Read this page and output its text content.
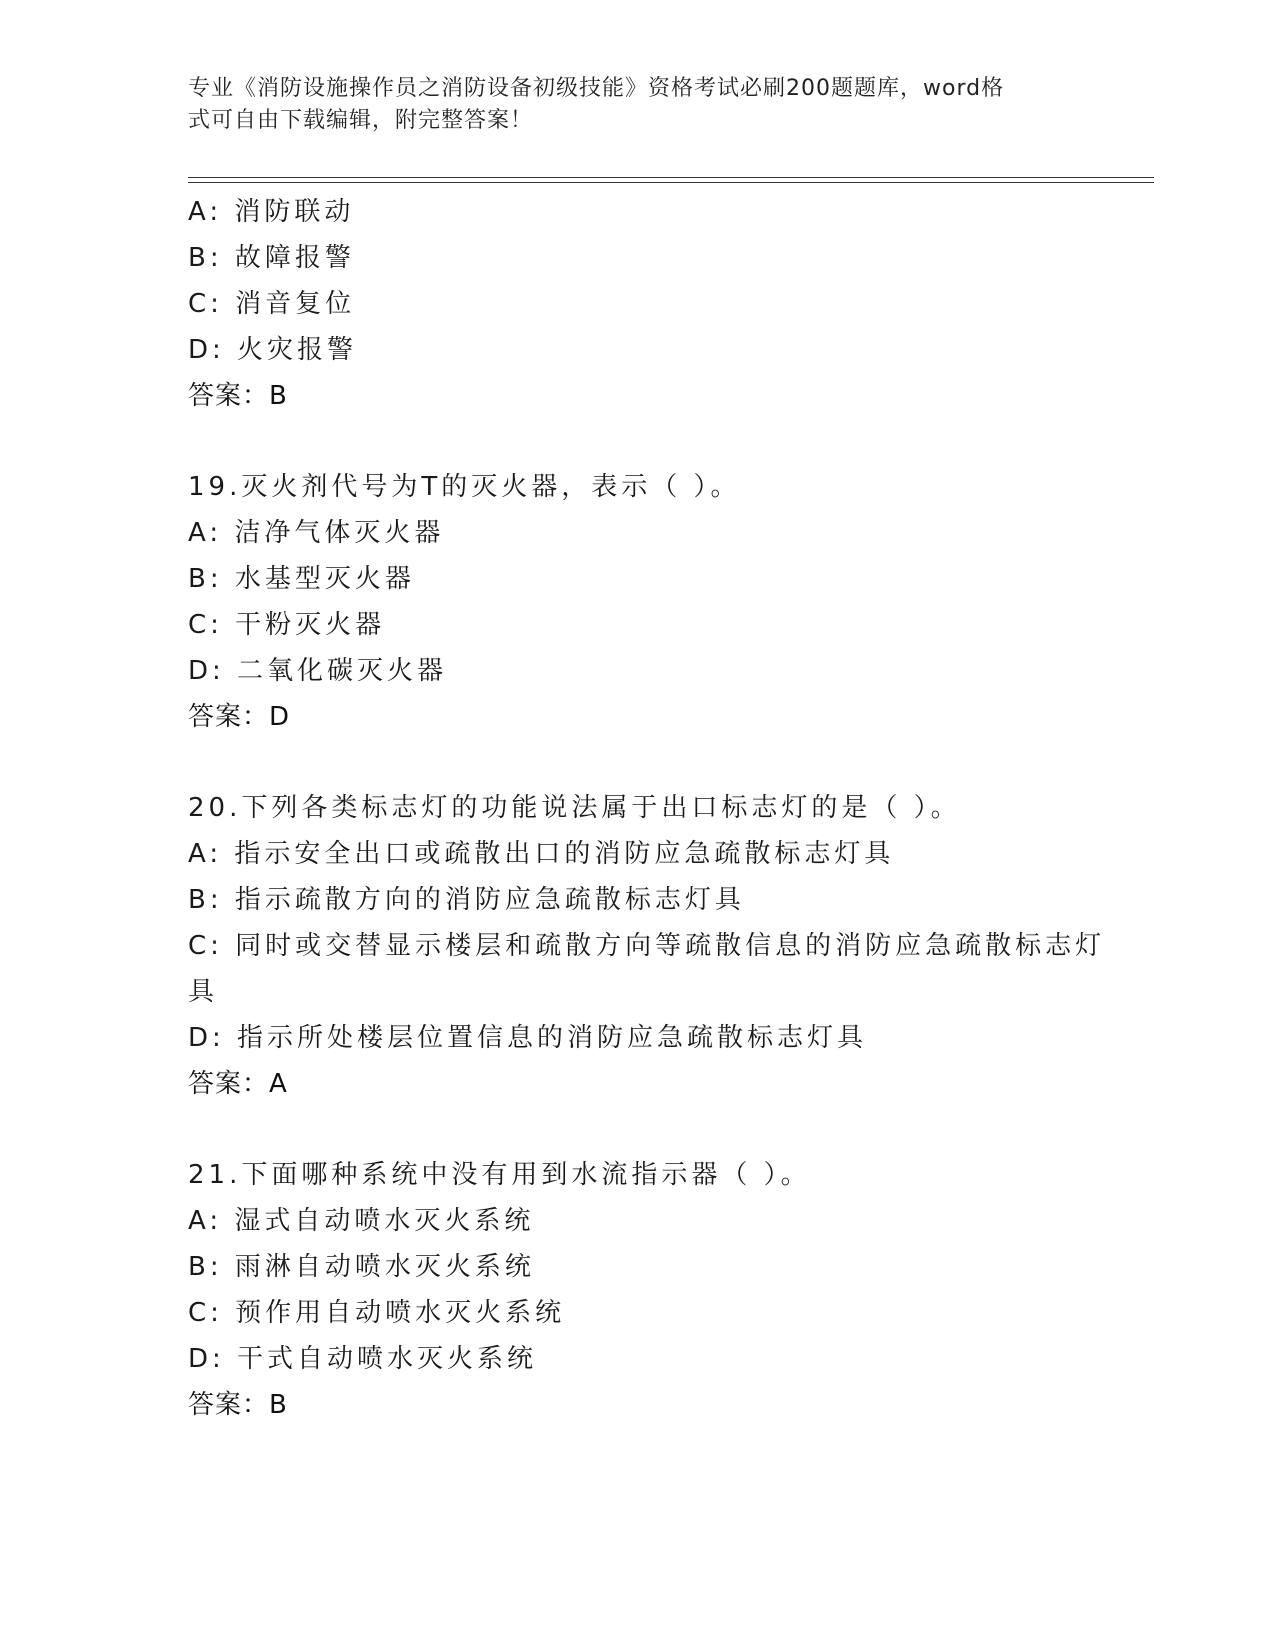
专业《消防设施操作员之消防设备初级技能》资格考试必刷200题题库，word格
式可自由下载编辑，附完整答案！
A: 消防联动
B: 故障报警
C: 消音复位
D: 火灾报警
答案：B
19.灭火剂代号为T的灭火器，表示（ ）。
A: 洁净气体灭火器
B: 水基型灭火器
C: 干粉灭火器
D: 二氧化碳灭火器
答案：D
20.下列各类标志灯的功能说法属于出口标志灯的是（ ）。
A: 指示安全出口或疏散出口的消防应急疏散标志灯具
B: 指示疏散方向的消防应急疏散标志灯具
C: 同时或交替显示楼层和疏散方向等疏散信息的消防应急疏散标志灯
具
D: 指示所处楼层位置信息的消防应急疏散标志灯具
答案：A
21.下面哪种系统中没有用到水流指示器（ ）。
A: 湿式自动喷水灭火系统
B: 雨淋自动喷水灭火系统
C: 预作用自动喷水灭火系统
D: 干式自动喷水灭火系统
答案：B
